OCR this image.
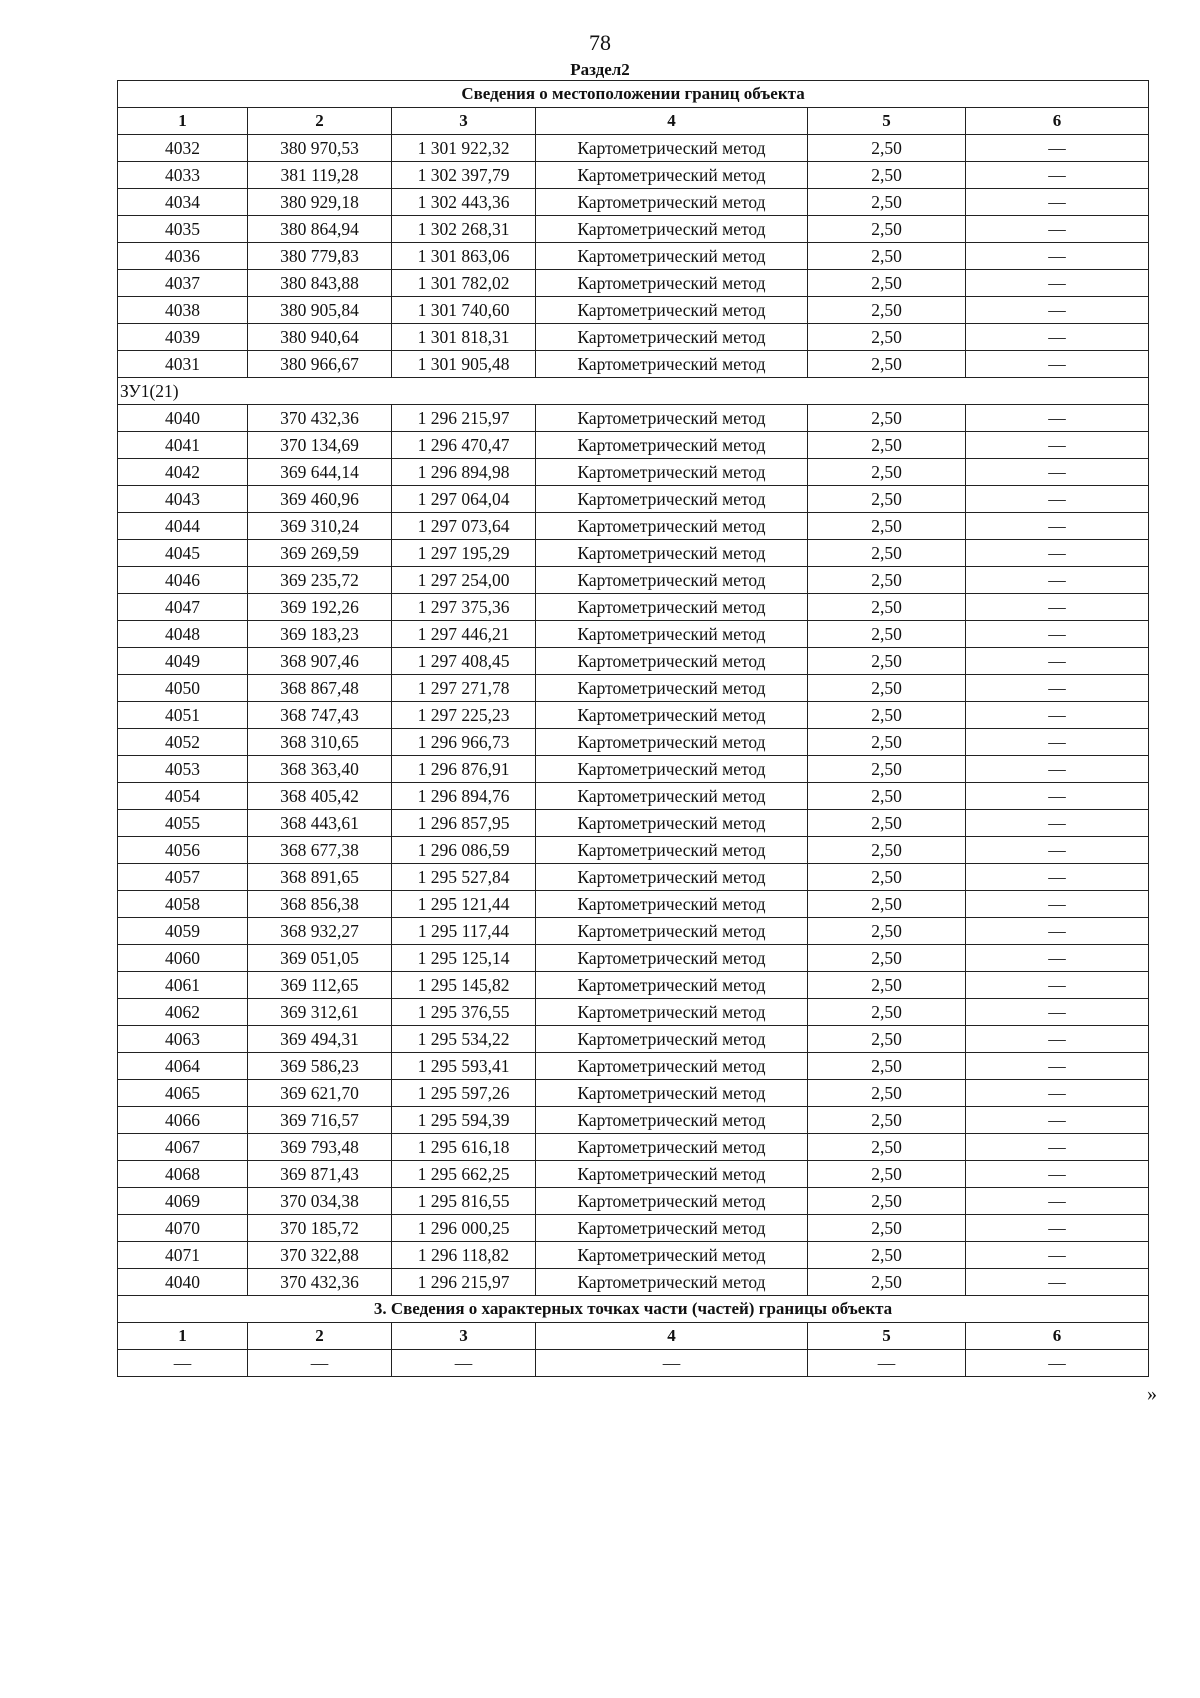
78
Раздел2
Сведения о местоположении границ объекта					
1	2	3	4	5	6
4032	380 970,53	1 301 922,32	Картометрический метод	2,50	—
4033	381 119,28	1 302 397,79	Картометрический метод	2,50	—
4034	380 929,18	1 302 443,36	Картометрический метод	2,50	—
4035	380 864,94	1 302 268,31	Картометрический метод	2,50	—
4036	380 779,83	1 301 863,06	Картометрический метод	2,50	—
4037	380 843,88	1 301 782,02	Картометрический метод	2,50	—
4038	380 905,84	1 301 740,60	Картометрический метод	2,50	—
4039	380 940,64	1 301 818,31	Картометрический метод	2,50	—
4031	380 966,67	1 301 905,48	Картометрический метод	2,50	—
ЗУ1(21)					
4040	370 432,36	1 296 215,97	Картометрический метод	2,50	—
4041	370 134,69	1 296 470,47	Картометрический метод	2,50	—
4042	369 644,14	1 296 894,98	Картометрический метод	2,50	—
4043	369 460,96	1 297 064,04	Картометрический метод	2,50	—
4044	369 310,24	1 297 073,64	Картометрический метод	2,50	—
4045	369 269,59	1 297 195,29	Картометрический метод	2,50	—
4046	369 235,72	1 297 254,00	Картометрический метод	2,50	—
4047	369 192,26	1 297 375,36	Картометрический метод	2,50	—
4048	369 183,23	1 297 446,21	Картометрический метод	2,50	—
4049	368 907,46	1 297 408,45	Картометрический метод	2,50	—
4050	368 867,48	1 297 271,78	Картометрический метод	2,50	—
4051	368 747,43	1 297 225,23	Картометрический метод	2,50	—
4052	368 310,65	1 296 966,73	Картометрический метод	2,50	—
4053	368 363,40	1 296 876,91	Картометрический метод	2,50	—
4054	368 405,42	1 296 894,76	Картометрический метод	2,50	—
4055	368 443,61	1 296 857,95	Картометрический метод	2,50	—
4056	368 677,38	1 296 086,59	Картометрический метод	2,50	—
4057	368 891,65	1 295 527,84	Картометрический метод	2,50	—
4058	368 856,38	1 295 121,44	Картометрический метод	2,50	—
4059	368 932,27	1 295 117,44	Картометрический метод	2,50	—
4060	369 051,05	1 295 125,14	Картометрический метод	2,50	—
4061	369 112,65	1 295 145,82	Картометрический метод	2,50	—
4062	369 312,61	1 295 376,55	Картометрический метод	2,50	—
4063	369 494,31	1 295 534,22	Картометрический метод	2,50	—
4064	369 586,23	1 295 593,41	Картометрический метод	2,50	—
4065	369 621,70	1 295 597,26	Картометрический метод	2,50	—
4066	369 716,57	1 295 594,39	Картометрический метод	2,50	—
4067	369 793,48	1 295 616,18	Картометрический метод	2,50	—
4068	369 871,43	1 295 662,25	Картометрический метод	2,50	—
4069	370 034,38	1 295 816,55	Картометрический метод	2,50	—
4070	370 185,72	1 296 000,25	Картометрический метод	2,50	—
4071	370 322,88	1 296 118,82	Картометрический метод	2,50	—
4040	370 432,36	1 296 215,97	Картометрический метод	2,50	—
3. Сведения о характерных точках части (частей) границы объекта					
1	2	3	4	5	6
—	—	—	—	—	—
»
